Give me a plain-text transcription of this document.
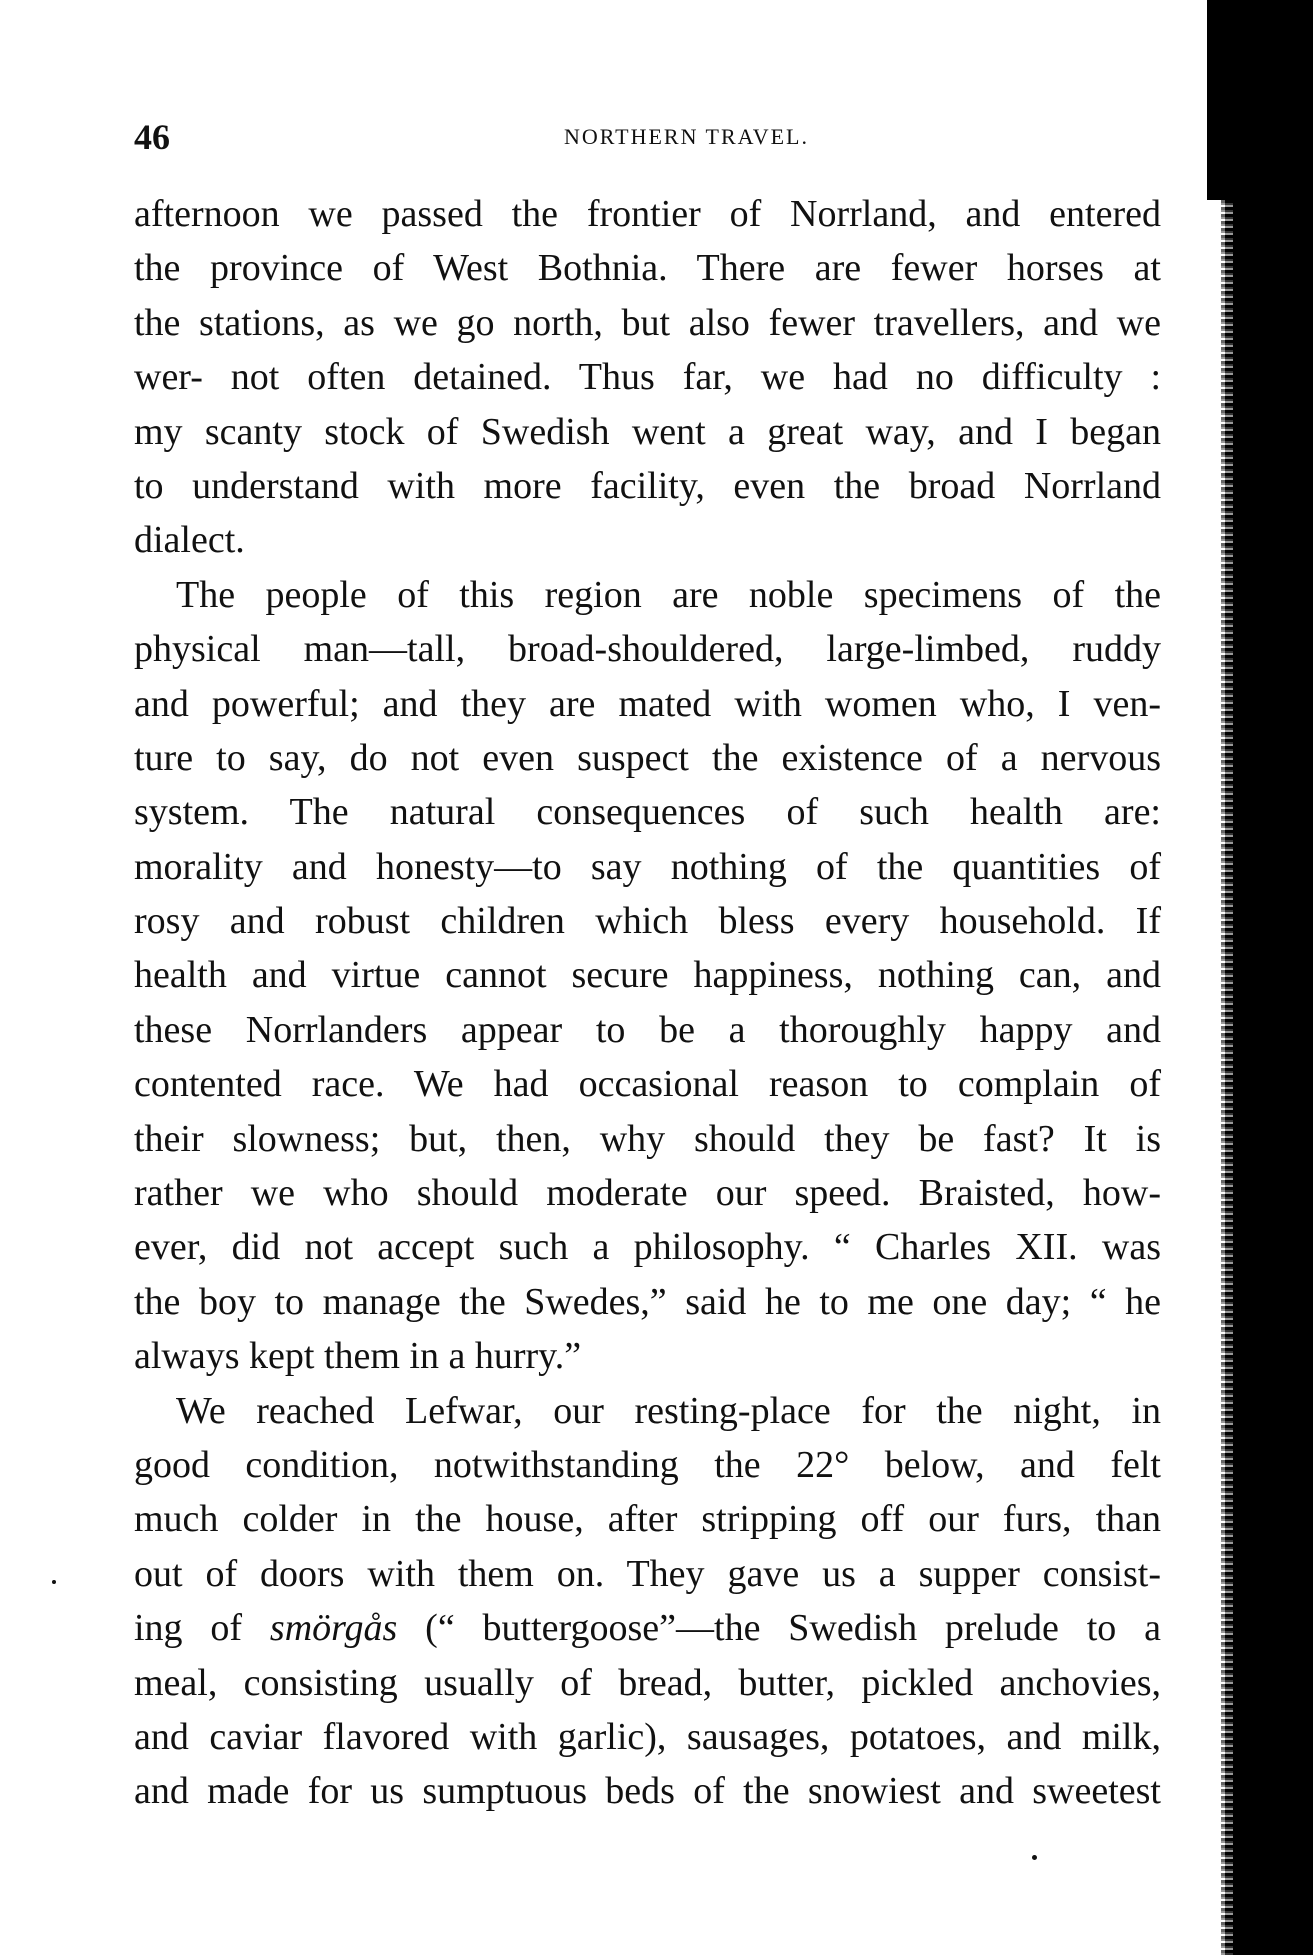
46	NORTHERN TRAVEL.
afternoon we passed the frontier of Norrland, and entered
the province of West Bothnia. There are fewer horses at
the stations, as we go north, but also fewer travellers, and we
wer- not often detained. Thus far, we had no difficulty :
my scanty stock of Swedish went a great way, and I began
to understand with more facility, even the broad Norrland
dialect.
The people of this region are noble specimens of the
physical man—tall, broad-shouldered, large-limbed, ruddy
and powerful; and they are mated with women who, I ven-
ture to say, do not even suspect the existence of a nervous
system. The natural consequences of such health are:
morality and honesty—to say nothing of the quantities of
rosy and robust children which bless every household. If
health and virtue cannot secure happiness, nothing can, and
these Norrlanders appear to be a thoroughly happy and
contented race. We had occasional reason to complain of
their slowness; but, then, why should they be fast? It is
rather we who should moderate our speed. Braisted, how-
ever, did not accept such a philosophy. “ Charles XII. was
the boy to manage the Swedes,” said he to me one day; “ he
always kept them in a hurry.”
We reached Lefwar, our resting-place for the night, in
good condition, notwithstanding the 22° below, and felt
much colder in the house, after stripping off our furs, than
out of doors with them on. They gave us a supper consist-
ing of smörgås (“ buttergoose”—the Swedish prelude to a
meal, consisting usually of bread, butter, pickled anchovies,
and caviar flavored with garlic), sausages, potatoes, and milk,
and made for us sumptuous beds of the snowiest and sweetest
